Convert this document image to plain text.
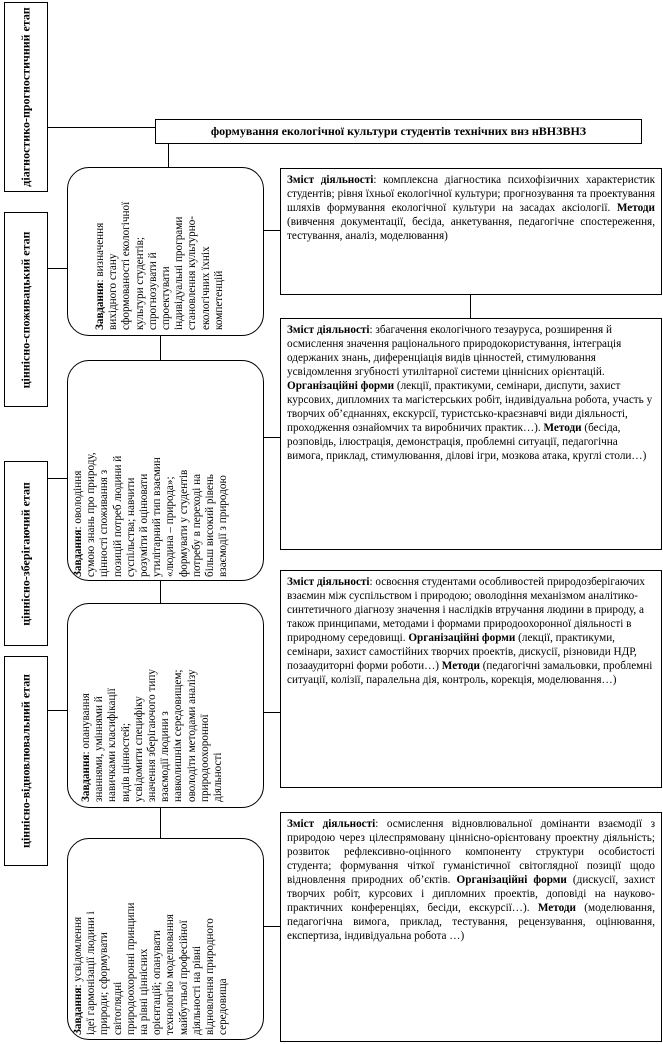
діагностико-прогностичний етап
ціннісно-споживацький етап
ціннісно-зберігаючий етап
ціннісно-відновлювальний етап
формування екологічної культури студентів технічних внз нВНЗВНЗ
Завдання: визначення
вихідного стану
сформованості екологічної
культури студентів;
спрогнозувати й
спроектувати
індивідуальні програми
становлення культурно-
екологічних їхніх
компетенцій
Завдання: оволодіння
сумою знань про природу,
цінності споживання з
позицій потреб людини й
суспільства; навчити
розуміти й оцінювати
утилітарний тип взаємин
«людина – природа»;
формувати у студентів
потребу в переході на
більш високий рівень
взаємодії з природою
Завдання: опанування
знаннями, уміннями й
навичками класифікації
видів цінностей;
усвідомити специфіку
значення зберігаючого типу
взаємодії людини з
навколишнім середовищем;
оволодіти методами аналізу
природоохоронної
діяльності
Завдання: усвідомлення
ідеї гармонізації людини і
природи; сформувати
світоглядні
природоохоронні принципи
на рівні ціннісних
орієнтацій; опанувати
технологію моделювання
майбутньої професійної
діяльності на рівні
відновлення природного
середовища
Зміст діяльності: комплексна діагностика психофізичних характеристик студентів; рівня їхньої екологічної культури; прогнозування та проектування шляхів формування екологічної культури на засадах аксіології. Методи (вивчення документації, бесіда, анкетування, педагогічне спостереження, тестування, аналіз, моделювання)
Зміст діяльності: збагачення екологічного тезауруса, розширення й осмислення значення раціонального природокористування, інтеграція одержаних знань, диференціація видів цінностей, стимулювання усвідомлення згубності утилітарної системи ціннісних орієнтацій. Організаційні форми (лекції, практикуми, семінари, диспути, захист курсових, дипломних та магістерських робіт, індивідуальна робота, участь у творчих об’єднаннях, екскурсії, туристсько-краєзнавчі види діяльності, проходження ознайомчих та виробничих практик…). Методи (бесіда, розповідь, ілюстрація, демонстрація, проблемні ситуації, педагогічна вимога, приклад, стимулювання, ділові ігри, мозкова атака, круглі столи…)
Зміст діяльності: освоєння студентами особливостей природозберігаючих взаємин між суспільством і природою; оволодіння механізмом аналітико-синтетичного діагнозу значення і наслідків втручання людини в природу, а також принципами, методами і формами природоохоронної діяльності в природному середовищі. Організаційні форми (лекції, практикуми, семінари, захист самостійних творчих проектів, дискусії, різновиди НДР, позааудиторні форми роботи…) Методи (педагогічні замальовки, проблемні ситуації, колізії, паралельна дія, контроль, корекція, моделювання…)
Зміст діяльності: осмислення відновлювальної домінанти взаємодії з природою через цілеспрямовану ціннісно-орієнтовану проектну діяльність; розвиток рефлексивно-оцінного компоненту структури особистості студента; формування чіткої гуманістичної світоглядної позиції щодо відновлення природних об’єктів. Організаційні форми (дискусії, захист творчих робіт, курсових і дипломних проектів, доповіді на науково-практичних конференціях, бесіди, екскурсії…). Методи (моделювання, педагогічна вимога, приклад, тестування, рецензування, оцінювання, експертиза, індивідуальна робота …)
